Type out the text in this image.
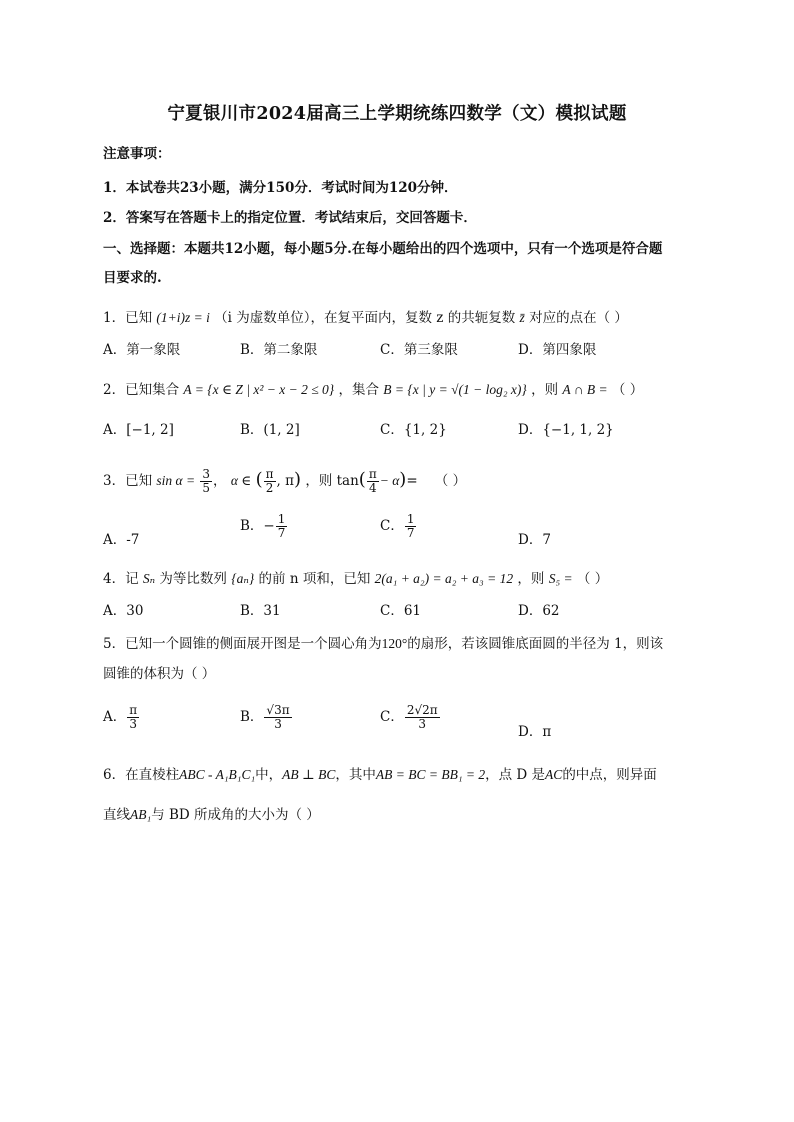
宁夏银川市2024届高三上学期统练四数学（文）模拟试题
注意事项：
1．本试卷共23小题，满分150分．考试时间为120分钟．
2．答案写在答题卡上的指定位置．考试结束后，交回答题卡．
一、选择题：本题共12小题，每小题5分.在每小题给出的四个选项中，只有一个选项是符合题
目要求的.
1．已知 (1+i)z = i （i 为虚数单位），在复平面内，复数 z 的共轭复数 z̄ 对应的点在（ ）
A．第一象限	B．第二象限	C．第三象限	D．第四象限
2．已知集合 A = {x ∈ Z | x² − x − 2 ≤ 0} ，集合 B = {x | y = √(1 − log₂ x)} ，则 A ∩ B = （ ）
A．[−1, 2]	B．(1, 2]	C．{1, 2}	D．{−1, 1, 2}
3．已知 $\sin \alpha = \frac{3}{5}$ ， α ∈ ( $\frac{\pi}{2}$ , π) ，则 $\tan( \frac{\pi}{4} - \alpha)=$ （ ）
A．-7
B．− $\frac{1}{7}$	C． $\frac{1}{7}$	D．7
4．记 Sₙ 为等比数列 {aₙ} 的前 n 项和，已知 2(a₁ + a₂) = a₂ + a₃ = 12 ，则 S₅ = （ ）
A．30	B．31	C．61	D．62
5．已知一个圆锥的侧面展开图是一个圆心角为120°的扇形，若该圆锥底面圆的半径为 1，则该
圆锥的体积为（ ）
A． $\frac{\pi}{3}$	B． $\frac{√3\pi}{3}$	C． $\frac{2√2\pi}{3}$
D．π
6．在直棱柱ABC - A₁B₁C₁中，AB ⊥ BC，其中AB = BC = BB₁ = 2，点 D 是AC的中点，则异面
直线AB₁与 BD 所成角的大小为（ ）
